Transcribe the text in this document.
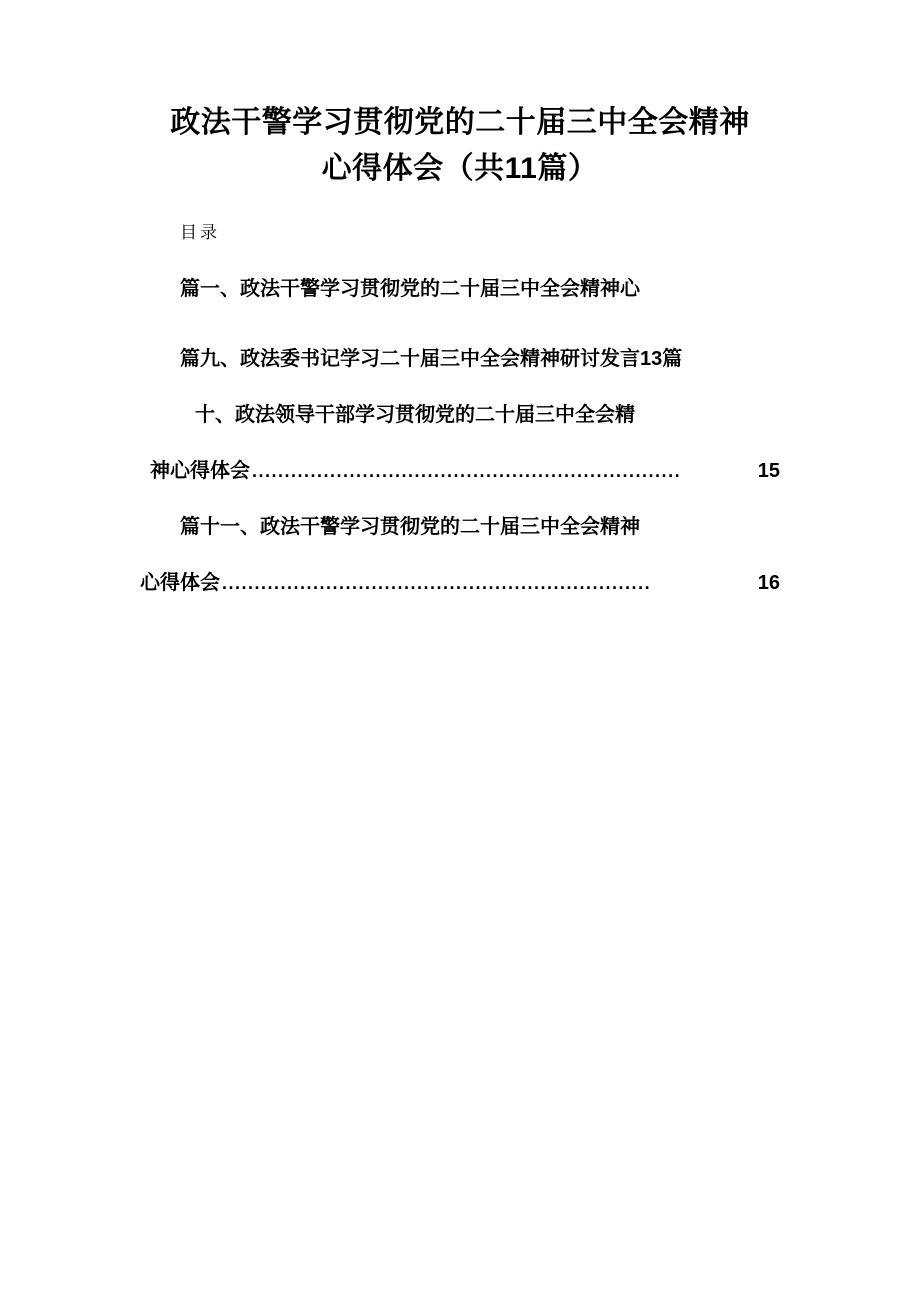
政法干警学习贯彻党的二十届三中全会精神
心得体会（共11篇）
目录
篇一、政法干警学习贯彻党的二十届三中全会精神心
篇九、政法委书记学习二十届三中全会精神研讨发言13篇
十、政法领导干部学习贯彻党的二十届三中全会精
神心得体会 ..................................................................	15
篇十一、政法干警学习贯彻党的二十届三中全会精神
心得体会 ..................................................................	16
